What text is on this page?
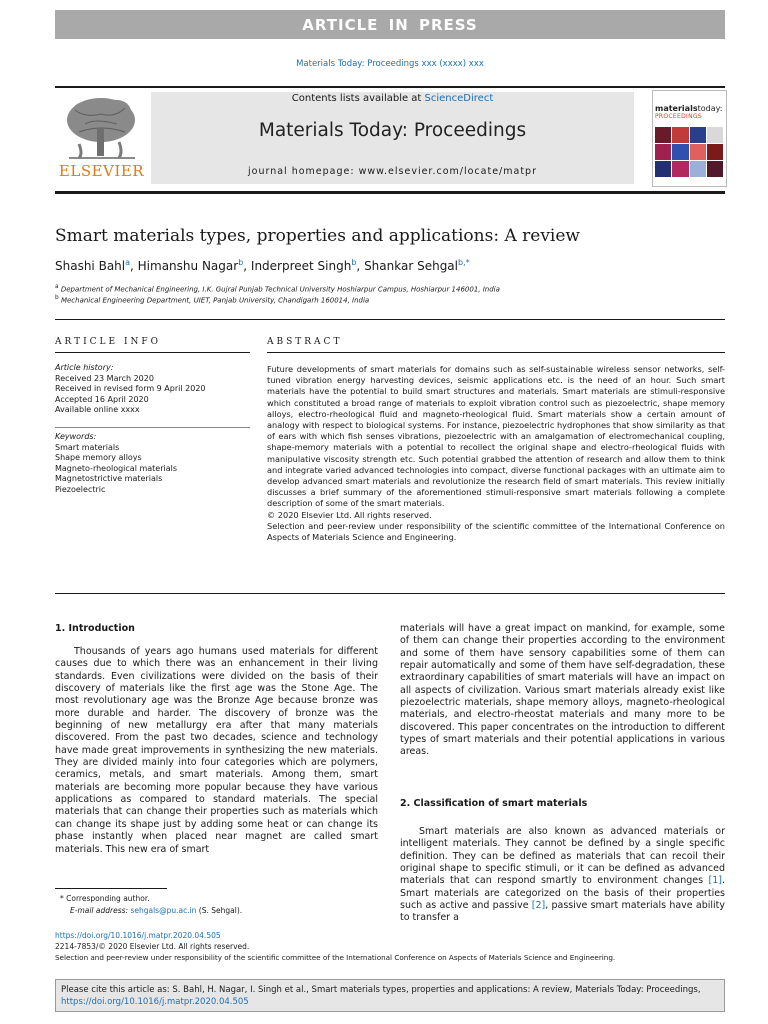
ARTICLE IN PRESS
Materials Today: Proceedings xxx (xxxx) xxx
ELSEVIER
Contents lists available at ScienceDirect
Materials Today: Proceedings
journal homepage: www.elsevier.com/locate/matpr
materialstoday:
PROCEEDINGS
Smart materials types, properties and applications: A review
Shashi Bahl$^a$, Himanshu Nagar$^b$, Inderpreet Singh$^b$, Shankar Sehgal$^{b,*}$
$^a$ Department of Mechanical Engineering, I.K. Gujral Punjab Technical University Hoshiarpur Campus, Hoshiarpur 146001, India
$^b$ Mechanical Engineering Department, UIET, Panjab University, Chandigarh 160014, India
ARTICLE INFO
Article history:
Received 23 March 2020
Received in revised form 9 April 2020
Accepted 16 April 2020
Available online xxxx
Keywords:
Smart materials
Shape memory alloys
Magneto-rheological materials
Magnetostrictive materials
Piezoelectric
ABSTRACT
Future developments of smart materials for domains such as self-sustainable wireless sensor networks, self-tuned vibration energy harvesting devices, seismic applications etc. is the need of an hour. Such smart materials have the potential to build smart structures and materials. Smart materials are stimuli-responsive which constituted a broad range of materials to exploit vibration control such as piezoelectric, shape memory alloys, electro-rheological fluid and magneto-rheological fluid. Smart materials show a certain amount of analogy with respect to biological systems. For instance, piezoelectric hydrophones that show similarity as that of ears with which fish senses vibrations, piezoelectric with an amalgamation of electromechanical coupling, shape-memory materials with a potential to recollect the original shape and electro-rheological fluids with manipulative viscosity strength etc. Such potential grabbed the attention of research and allow them to think and integrate varied advanced technologies into compact, diverse functional packages with an ultimate aim to develop advanced smart materials and revolutionize the research field of smart materials. This review initially discusses a brief summary of the aforementioned stimuli-responsive smart materials following a complete description of some of the smart materials.
© 2020 Elsevier Ltd. All rights reserved.
Selection and peer-review under responsibility of the scientific committee of the International Conference on Aspects of Materials Science and Engineering.
1. Introduction

Thousands of years ago humans used materials for different causes due to which there was an enhancement in their living standards. Even civilizations were divided on the basis of their discovery of materials like the first age was the Stone Age. The most revolutionary age was the Bronze Age because bronze was more durable and harder. The discovery of bronze was the beginning of new metallurgy era after that many materials discovered. From the past two decades, science and technology have made great improvements in synthesizing the new materials. They are divided mainly into four categories which are polymers, ceramics, metals, and smart materials. Among them, smart materials are becoming more popular because they have various applications as compared to standard materials. The special materials that can change their properties such as materials which can change its shape just by adding some heat or can change its phase instantly when placed near magnet are called smart materials. This new era of smart

* Corresponding author.
E-mail address: sehgals@pu.ac.in (S. Sehgal).

materials will have a great impact on mankind, for example, some of them can change their properties according to the environment and some of them have sensory capabilities some of them can repair automatically and some of them have self-degradation, these extraordinary capabilities of smart materials will have an impact on all aspects of civilization. Various smart materials already exist like piezoelectric materials, shape memory alloys, magneto-rheological materials, and electro-rheostat materials and many more to be discovered. This paper concentrates on the introduction to different types of smart materials and their potential applications in various areas.

2. Classification of smart materials

Smart materials are also known as advanced materials or intelligent materials. They cannot be defined by a single specific definition. They can be defined as materials that can recoil their original shape to specific stimuli, or it can be defined as advanced materials that can respond smartly to environment changes [1]. Smart materials are categorized on the basis of their properties such as active and passive [2], passive smart materials have ability to transfer a

https://doi.org/10.1016/j.matpr.2020.04.505
2214-7853/© 2020 Elsevier Ltd. All rights reserved.
Selection and peer-review under responsibility of the scientific committee of the International Conference on Aspects of Materials Science and Engineering.
Please cite this article as: S. Bahl, H. Nagar, I. Singh et al., Smart materials types, properties and applications: A review, Materials Today: Proceedings,
https://doi.org/10.1016/j.matpr.2020.04.505
